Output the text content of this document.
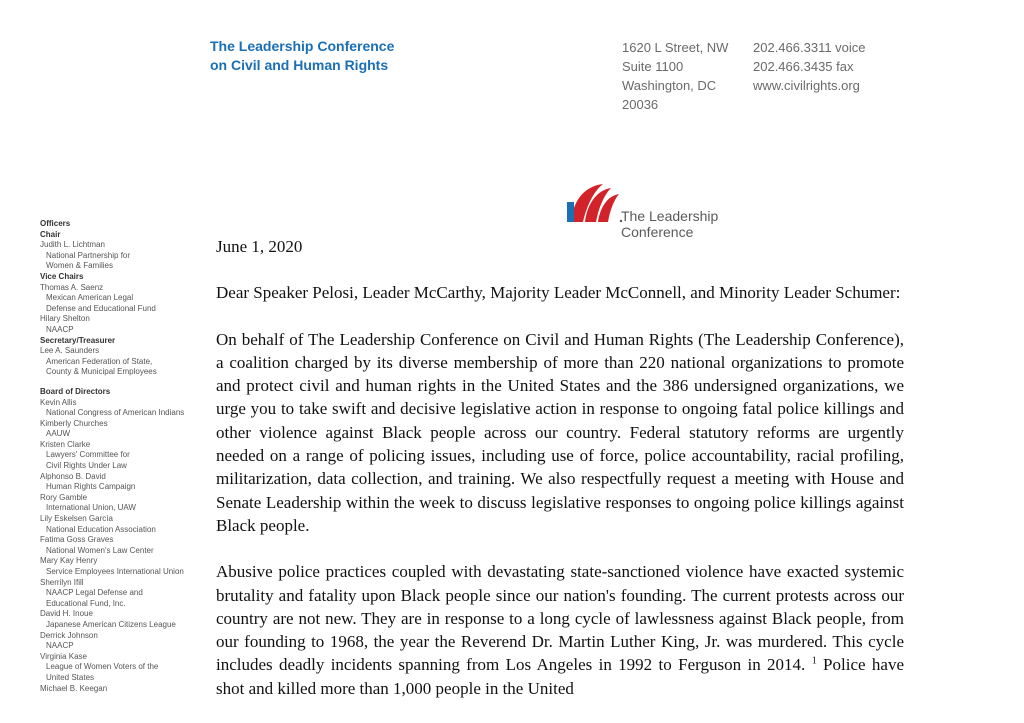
The Leadership Conference
on Civil and Human Rights
1620 L Street, NW
Suite 1100
Washington, DC
20036
202.466.3311 voice
202.466.3435 fax
www.civilrights.org
The Leadership
Conference
Officers
Chair
Judith L. Lichtman
National Partnership for
Women & Families
Vice Chairs
Thomas A. Saenz
Mexican American Legal
Defense and Educational Fund
Hilary Shelton
NAACP
Secretary/Treasurer
Lee A. Saunders
American Federation of State,
County & Municipal Employees
Board of Directors
Kevin Allis
National Congress of American Indians
Kimberly Churches
AAUW
Kristen Clarke
Lawyers' Committee for
Civil Rights Under Law
Alphonso B. David
Human Rights Campaign
Rory Gamble
International Union, UAW
Lily Eskelsen García
National Education Association
Fatima Goss Graves
National Women's Law Center
Mary Kay Henry
Service Employees International Union
Sherrilyn Ifill
NAACP Legal Defense and
Educational Fund, Inc.
David H. Inoue
Japanese American Citizens League
Derrick Johnson
NAACP
Virginia Kase
League of Women Voters of the
United States
Michael B. Keegan

June 1, 2020

Dear Speaker Pelosi, Leader McCarthy, Majority Leader McConnell, and Minority Leader Schumer:

On behalf of The Leadership Conference on Civil and Human Rights (The Leadership Conference), a coalition charged by its diverse membership of more than 220 national organizations to promote and protect civil and human rights in the United States and the 386 undersigned organizations, we urge you to take swift and decisive legislative action in response to ongoing fatal police killings and other violence against Black people across our country. Federal statutory reforms are urgently needed on a range of policing issues, including use of force, police accountability, racial profiling, militarization, data collection, and training. We also respectfully request a meeting with House and Senate Leadership within the week to discuss legislative responses to ongoing police killings against Black people.

Abusive police practices coupled with devastating state-sanctioned violence have exacted systemic brutality and fatality upon Black people since our nation's founding. The current protests across our country are not new. They are in response to a long cycle of lawlessness against Black people, from our founding to 1968, the year the Reverend Dr. Martin Luther King, Jr. was murdered. This cycle includes deadly incidents spanning from Los Angeles in 1992 to Ferguson in 2014. $^1$ Police have shot and killed more than 1,000 people in the United
